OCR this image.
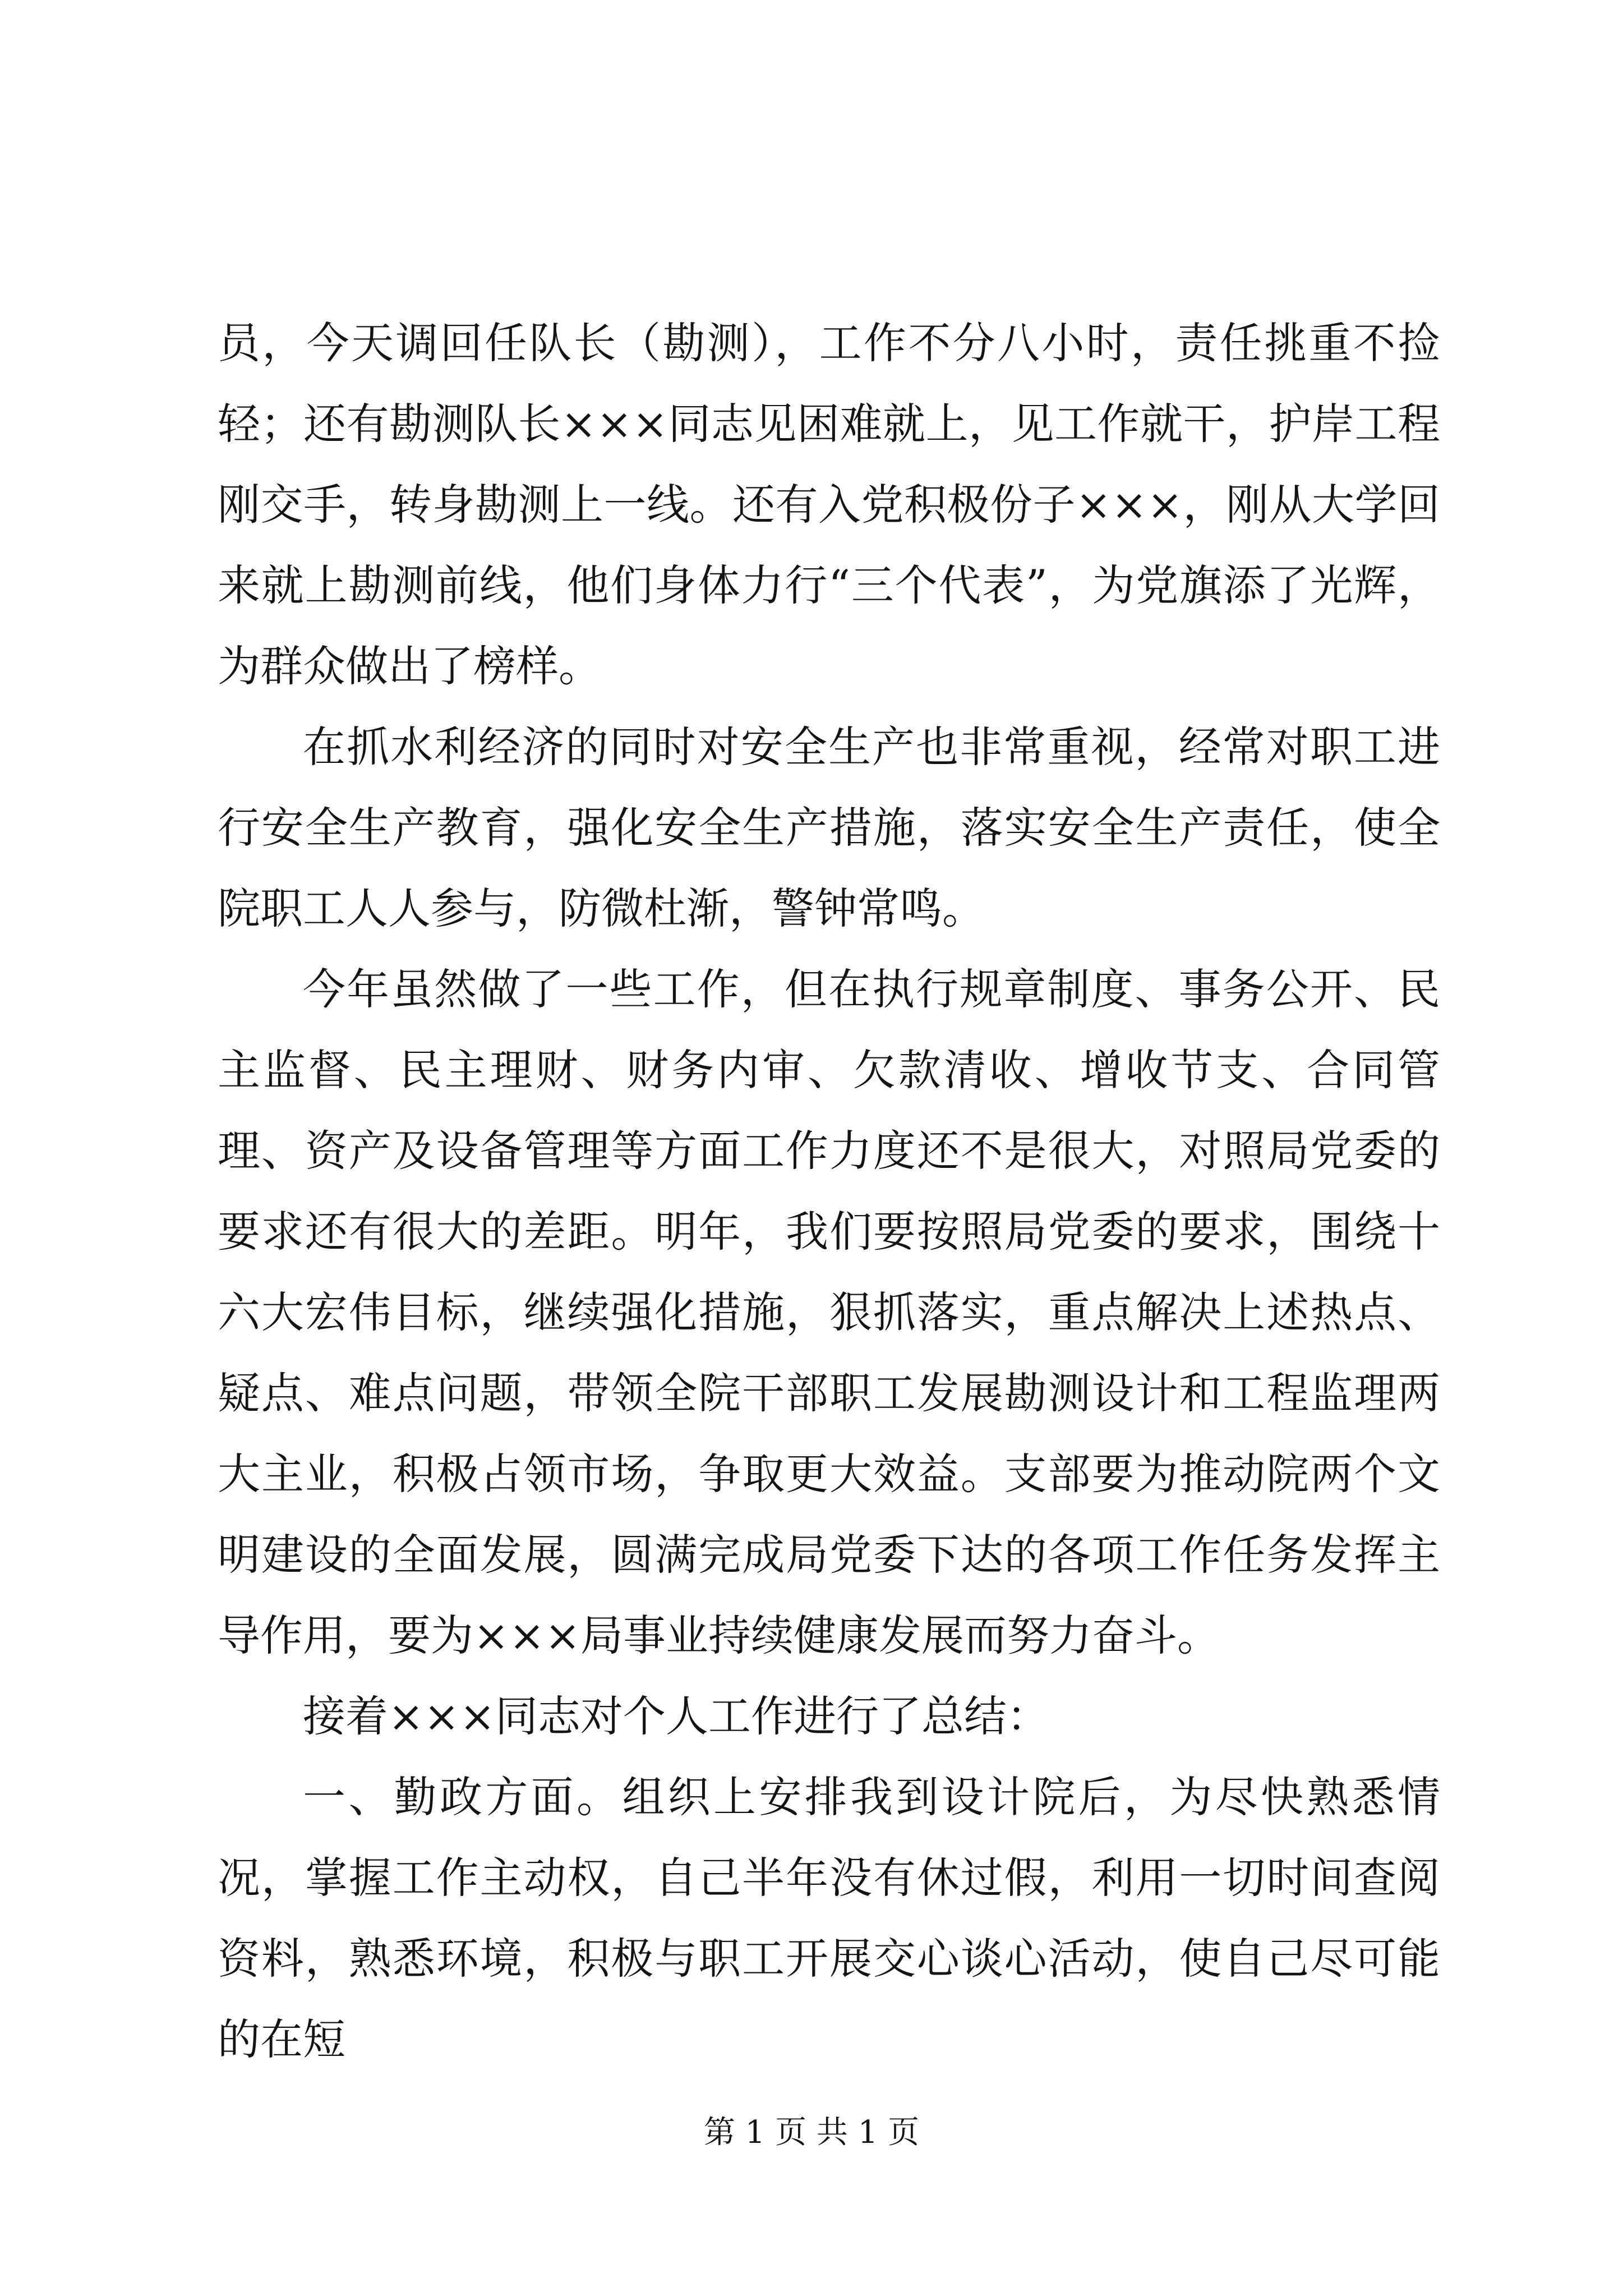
员，今天调回任队长（勘测），工作不分八小时，责任挑重不捡轻；还有勘测队长×××同志见困难就上，见工作就干，护岸工程刚交手，转身勘测上一线。还有入党积极份子×××，刚从大学回来就上勘测前线，他们身体力行“三个代表”，为党旗添了光辉，为群众做出了榜样。

在抓水利经济的同时对安全生产也非常重视，经常对职工进行安全生产教育，强化安全生产措施，落实安全生产责任，使全院职工人人参与，防微杜渐，警钟常鸣。

今年虽然做了一些工作，但在执行规章制度、事务公开、民主监督、民主理财、财务内审、欠款清收、增收节支、合同管理、资产及设备管理等方面工作力度还不是很大，对照局党委的要求还有很大的差距。明年，我们要按照局党委的要求，围绕十六大宏伟目标，继续强化措施，狠抓落实，重点解决上述热点、疑点、难点问题，带领全院干部职工发展勘测设计和工程监理两大主业，积极占领市场，争取更大效益。支部要为推动院两个文明建设的全面发展，圆满完成局党委下达的各项工作任务发挥主导作用，要为×××局事业持续健康发展而努力奋斗。

接着×××同志对个人工作进行了总结：

一、勤政方面。组织上安排我到设计院后，为尽快熟悉情况，掌握工作主动权，自己半年没有休过假，利用一切时间查阅资料，熟悉环境，积极与职工开展交心谈心活动，使自己尽可能的在短

第 1 页 共 1 页
